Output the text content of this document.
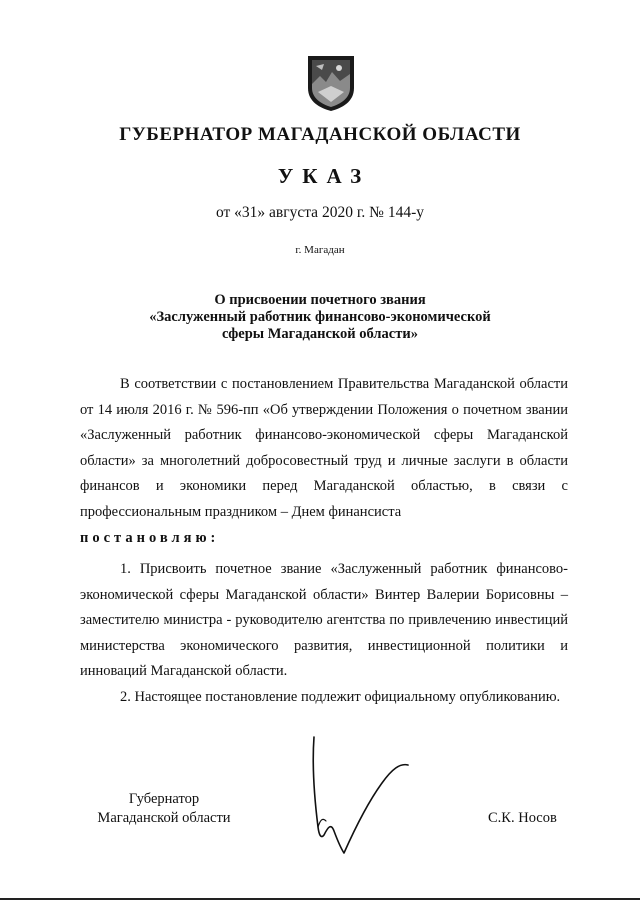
ГУБЕРНАТОР МАГАДАНСКОЙ ОБЛАСТИ
УКАЗ
от «31» августа 2020 г. № 144-у
г. Магадан
О присвоении почетного звания
«Заслуженный работник финансово-экономической
сферы Магаданской области»
В соответствии с постановлением Правительства Магаданской области от 14 июля 2016 г. № 596-пп «Об утверждении Положения о почетном звании «Заслуженный работник финансово-экономической сферы Магаданской области» за многолетний добросовестный труд и личные заслуги в области финансов и экономики перед Магаданской областью, в связи с профессиональным праздником – Днем финансиста
постановляю:
1. Присвоить почетное звание «Заслуженный работник финансово-экономической сферы Магаданской области» Винтер Валерии Борисовны – заместителю министра - руководителю агентства по привлечению инвестиций министерства экономического развития, инвестиционной политики и инноваций Магаданской области.
2. Настоящее постановление подлежит официальному опубликованию.
Губернатор
Магаданской области	С.К. Носов
